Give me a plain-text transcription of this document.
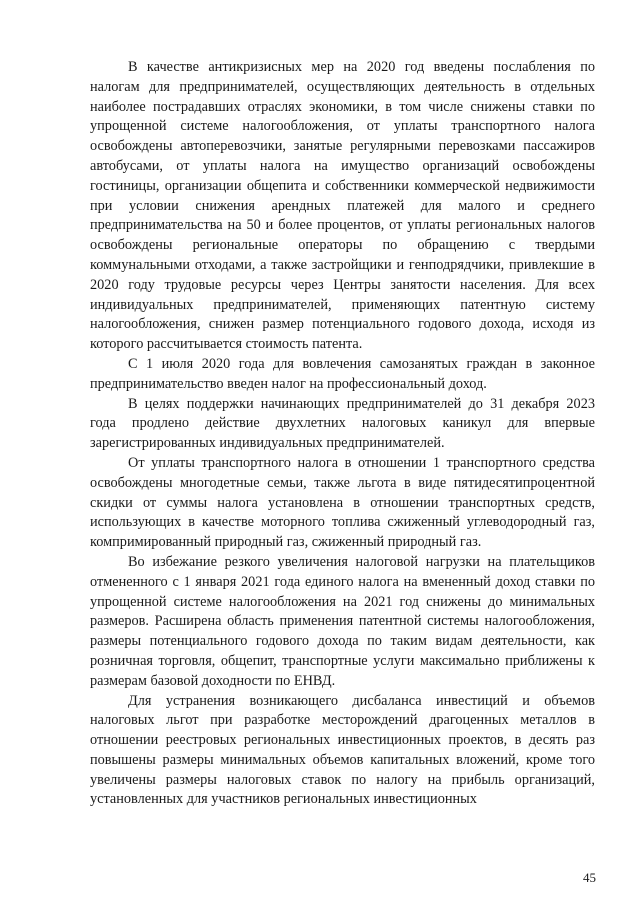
В качестве антикризисных мер на 2020 год введены послабления по налогам для предпринимателей, осуществляющих деятельность в отдельных наиболее пострадавших отраслях экономики, в том числе снижены ставки по упрощенной системе налогообложения, от уплаты транспортного налога освобождены автоперевозчики, занятые регулярными перевозками пассажиров автобусами, от уплаты налога на имущество организаций освобождены гостиницы, организации общепита и собственники коммерческой недвижимости при условии снижения арендных платежей для малого и среднего предпринимательства на 50 и более процентов, от уплаты региональных налогов освобождены региональные операторы по обращению с твердыми коммунальными отходами, а также застройщики и генподрядчики, привлекшие в 2020 году трудовые ресурсы через Центры занятости населения. Для всех индивидуальных предпринимателей, применяющих патентную систему налогообложения, снижен размер потенциального годового дохода, исходя из которого рассчитывается стоимость патента.

С 1 июля 2020 года для вовлечения самозанятых граждан в законное предпринимательство введен налог на профессиональный доход.

В целях поддержки начинающих предпринимателей до 31 декабря 2023 года продлено действие двухлетних налоговых каникул для впервые зарегистрированных индивидуальных предпринимателей.

От уплаты транспортного налога в отношении 1 транспортного средства освобождены многодетные семьи, также льгота в виде пятидесятипроцентной скидки от суммы налога установлена в отношении транспортных средств, использующих в качестве моторного топлива сжиженный углеводородный газ, компримированный природный газ, сжиженный природный газ.

Во избежание резкого увеличения налоговой нагрузки на плательщиков отмененного с 1 января 2021 года единого налога на вмененный доход ставки по упрощенной системе налогообложения на 2021 год снижены до минимальных размеров. Расширена область применения патентной системы налогообложения, размеры потенциального годового дохода по таким видам деятельности, как розничная торговля, общепит, транспортные услуги максимально приближены к размерам базовой доходности по ЕНВД.

Для устранения возникающего дисбаланса инвестиций и объемов налоговых льгот при разработке месторождений драгоценных металлов в отношении реестровых региональных инвестиционных проектов, в десять раз повышены размеры минимальных объемов капитальных вложений, кроме того увеличены размеры налоговых ставок по налогу на прибыль организаций, установленных для участников региональных инвестиционных

45
